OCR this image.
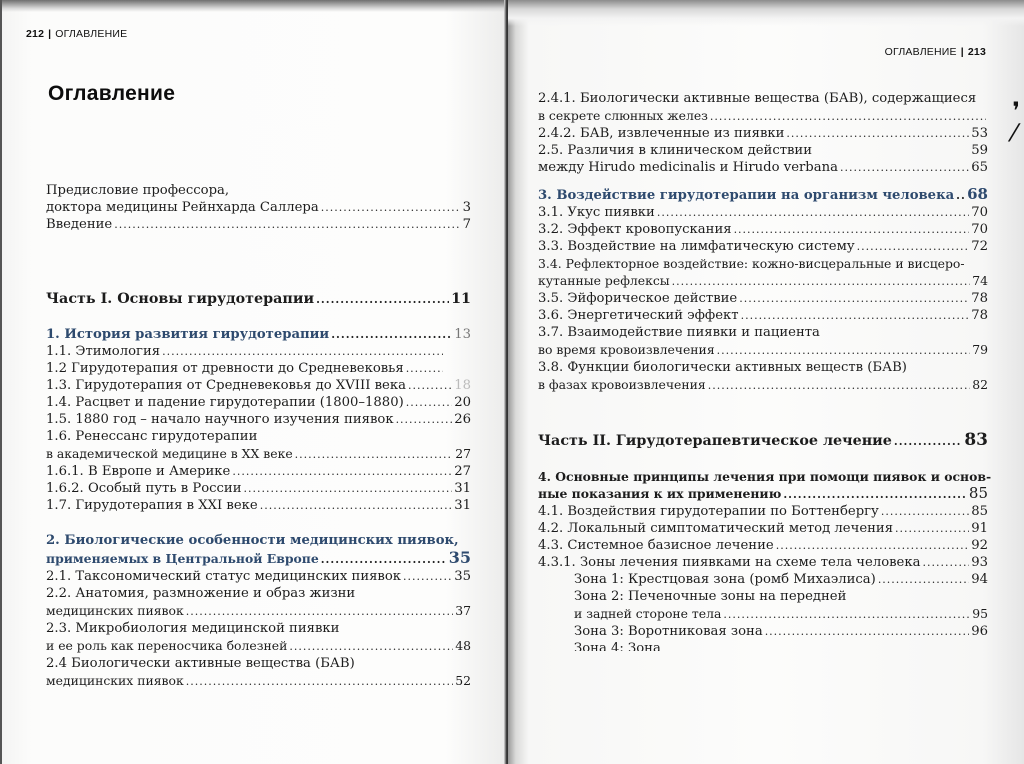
212 | ОГЛАВЛЕНИЕ
Оглавление
Предисловие профессора,
доктора медицины Рейнхарда Саллера .....	3
Введение .....	7
Часть I. Основы гирудотерапии .....	11
1. История развития гирудотерапии .....	13
1.1. Этимология
.....
1.2 Гирудотерапия от древности до Средневековья
.....
1.3. Гирудотерапия от Средневековья до XVIII века .....	18
1.4. Расцвет и падение гирудотерапии (1800–1880) .....	20
1.5. 1880 год – начало научного изучения пиявок .....	26
1.6. Ренессанс гирудотерапии
в академической медицине в XX веке .....	27
1.6.1. В Европе и Америке .....	27
1.6.2. Особый путь в России .....	31
1.7. Гирудотерапия в XXI веке .....	31
2. Биологические особенности медицинских пиявок,
применяемых в Центральной Европе .....	35
2.1. Таксономический статус медицинских пиявок .....	35
2.2. Анатомия, размножение и образ жизни
медицинских пиявок .....	37
2.3. Микробиология медицинской пиявки
и ее роль как переносчика болезней .....	48
2.4 Биологически активные вещества (БАВ)
медицинских пиявок .....	52
ОГЛАВЛЕНИЕ | 213
❜
⁄
2.4.1. Биологически активные вещества (БАВ), содержащиеся
в секрете слюнных желез
.....
2.4.2. БАВ, извлеченные из пиявки .....	53
2.5. Различия в клиническом действии	59
между Hirudo medicinalis и Hirudo verbana .....	65
3. Воздействие гирудотерапии на организм человека ..... 68
3.1. Укус пиявки .....	70
3.2. Эффект кровопускания .....	70
3.3. Воздействие на лимфатическую систему .....	72
3.4. Рефлекторное воздействие: кожно-висцеральные и висцеро-
кутанные рефлексы .....	74
3.5. Эйфорическое действие .....	78
3.6. Энергетический эффект .....	78
3.7. Взаимодействие пиявки и пациента
во время кровоизвлечения .....	79
3.8. Функции биологически активных веществ (БАВ)
в фазах кровоизвлечения .....	82
Часть II. Гирудотерапевтическое лечение .....	83
4. Основные принципы лечения при помощи пиявок и основ-
ные показания к их применению .....	85
4.1. Воздействия гирудотерапии по Боттенбергу .....	85
4.2. Локальный симптоматический метод лечения .....	91
4.3. Системное базисное лечение .....	92
4.3.1. Зоны лечения пиявками на схеме тела человека .....	93
Зона 1: Крестцовая зона (ромб Михаэлиса) .....	94
Зона 2: Печеночные зоны на передней
и задней стороне тела .....	95
Зона 3: Воротниковая зона .....	96
Зона 4: Зона
